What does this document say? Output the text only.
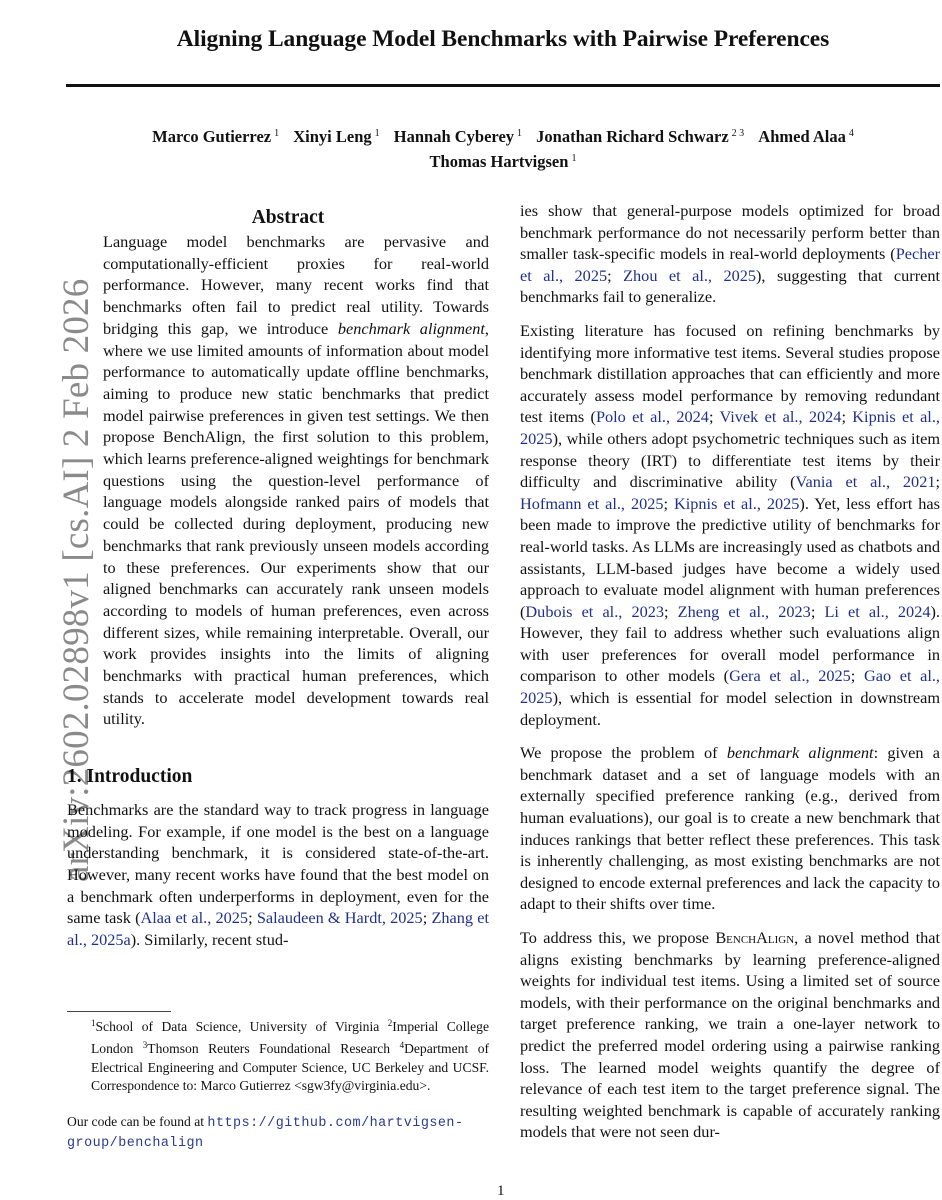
arXiv:2602.02898v1 [cs.AI] 2 Feb 2026
Aligning Language Model Benchmarks with Pairwise Preferences
Marco Gutierrez $^1$ Xinyi Leng $^1$ Hannah Cyberey $^1$ Jonathan Richard Schwarz $^{2 3}$ Ahmed Alaa $^4$
Thomas Hartvigsen $^1$
Abstract

Language model benchmarks are pervasive and computationally-efficient proxies for real-world performance. However, many recent works find that benchmarks often fail to predict real utility. Towards bridging this gap, we introduce benchmark alignment, where we use limited amounts of information about model performance to automatically update offline benchmarks, aiming to produce new static benchmarks that predict model pairwise preferences in given test settings. We then propose BenchAlign, the first solution to this problem, which learns preference-aligned weightings for benchmark questions using the question-level performance of language models alongside ranked pairs of models that could be collected during deployment, producing new benchmarks that rank previously unseen models according to these preferences. Our experiments show that our aligned benchmarks can accurately rank unseen models according to models of human preferences, even across different sizes, while remaining interpretable. Overall, our work provides insights into the limits of aligning benchmarks with practical human preferences, which stands to accelerate model development towards real utility.

1. Introduction

Benchmarks are the standard way to track progress in language modeling. For example, if one model is the best on a language understanding benchmark, it is considered state-of-the-art. However, many recent works have found that the best model on a benchmark often underperforms in deployment, even for the same task (Alaa et al., 2025; Salaudeen & Hardt, 2025; Zhang et al., 2025a). Similarly, recent stud-

$^1$School of Data Science, University of Virginia $^2$Imperial College London $^3$Thomson Reuters Foundational Research $^4$Department of Electrical Engineering and Computer Science, UC Berkeley and UCSF. Correspondence to: Marco Gutierrez <sgw3fy@virginia.edu>.
Our code can be found at https://github.com/hartvigsen-group/benchalign

ies show that general-purpose models optimized for broad benchmark performance do not necessarily perform better than smaller task-specific models in real-world deployments (Pecher et al., 2025; Zhou et al., 2025), suggesting that current benchmarks fail to generalize.

Existing literature has focused on refining benchmarks by identifying more informative test items. Several studies propose benchmark distillation approaches that can efficiently and more accurately assess model performance by removing redundant test items (Polo et al., 2024; Vivek et al., 2024; Kipnis et al., 2025), while others adopt psychometric techniques such as item response theory (IRT) to differentiate test items by their difficulty and discriminative ability (Vania et al., 2021; Hofmann et al., 2025; Kipnis et al., 2025). Yet, less effort has been made to improve the predictive utility of benchmarks for real-world tasks. As LLMs are increasingly used as chatbots and assistants, LLM-based judges have become a widely used approach to evaluate model alignment with human preferences (Dubois et al., 2023; Zheng et al., 2023; Li et al., 2024). However, they fail to address whether such evaluations align with user preferences for overall model performance in comparison to other models (Gera et al., 2025; Gao et al., 2025), which is essential for model selection in downstream deployment.

We propose the problem of benchmark alignment: given a benchmark dataset and a set of language models with an externally specified preference ranking (e.g., derived from human evaluations), our goal is to create a new benchmark that induces rankings that better reflect these preferences. This task is inherently challenging, as most existing benchmarks are not designed to encode external preferences and lack the capacity to adapt to their shifts over time.

To address this, we propose BenchAlign, a novel method that aligns existing benchmarks by learning preference-aligned weights for individual test items. Using a limited set of source models, with their performance on the original benchmarks and target preference ranking, we train a one-layer network to predict the preferred model ordering using a pairwise ranking loss. The learned model weights quantify the degree of relevance of each test item to the target preference signal. The resulting weighted benchmark is capable of accurately ranking models that were not seen dur-

1
